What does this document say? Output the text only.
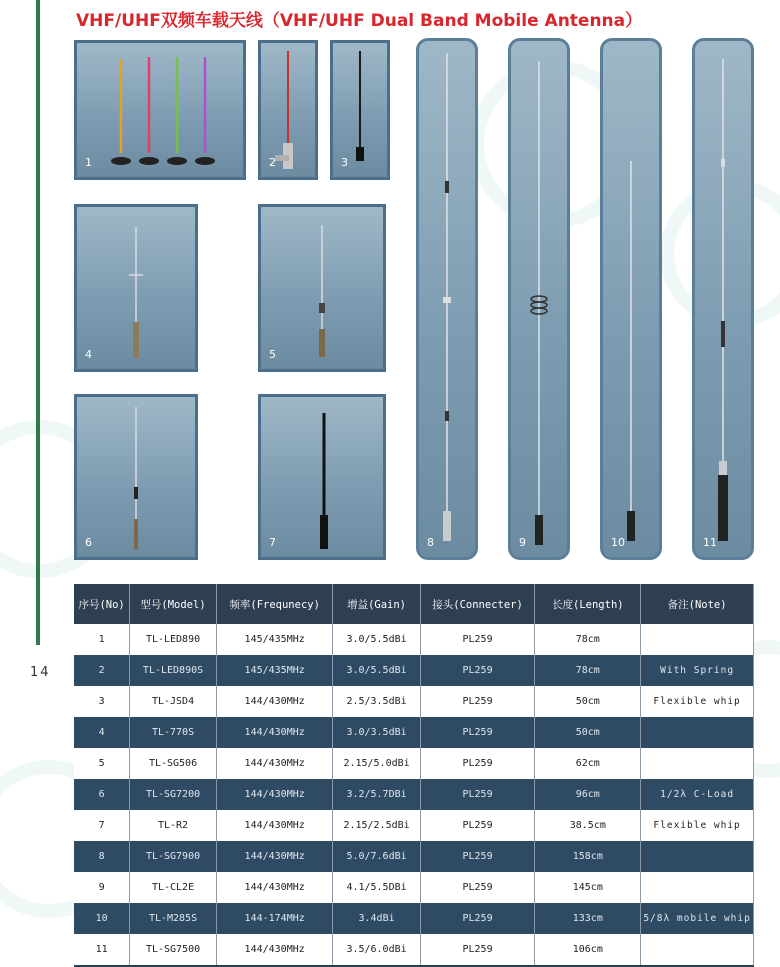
14
VHF/UHF双频车载天线（VHF/UHF Dual Band Mobile Antenna）
1	2	3
4	5
6	7	8	9	10	11
序号(No)	型号(Model)	频率(Frequnecy)	增益(Gain)	接头(Connecter)	长度(Length)	备注(Note)
1	TL-LED890	145/435MHz	3.0/5.5dBi	PL259	78cm	
2	TL-LED890S	145/435MHz	3.0/5.5dBi	PL259	78cm	With Spring
3	TL-JSD4	144/430MHz	2.5/3.5dBi	PL259	50cm	Flexible whip
4	TL-770S	144/430MHz	3.0/3.5dBi	PL259	50cm	
5	TL-SG506	144/430MHz	2.15/5.0dBi	PL259	62cm	
6	TL-SG7200	144/430MHz	3.2/5.7DBi	PL259	96cm	1/2λ C-Load
7	TL-R2	144/430MHz	2.15/2.5dBi	PL259	38.5cm	Flexible whip
8	TL-SG7900	144/430MHz	5.0/7.6dBi	PL259	158cm	
9	TL-CL2E	144/430MHz	4.1/5.5DBi	PL259	145cm	
10	TL-M285S	144-174MHz	3.4dBi	PL259	133cm	5/8λ mobile whip
11	TL-SG7500	144/430MHz	3.5/6.0dBi	PL259	106cm	
